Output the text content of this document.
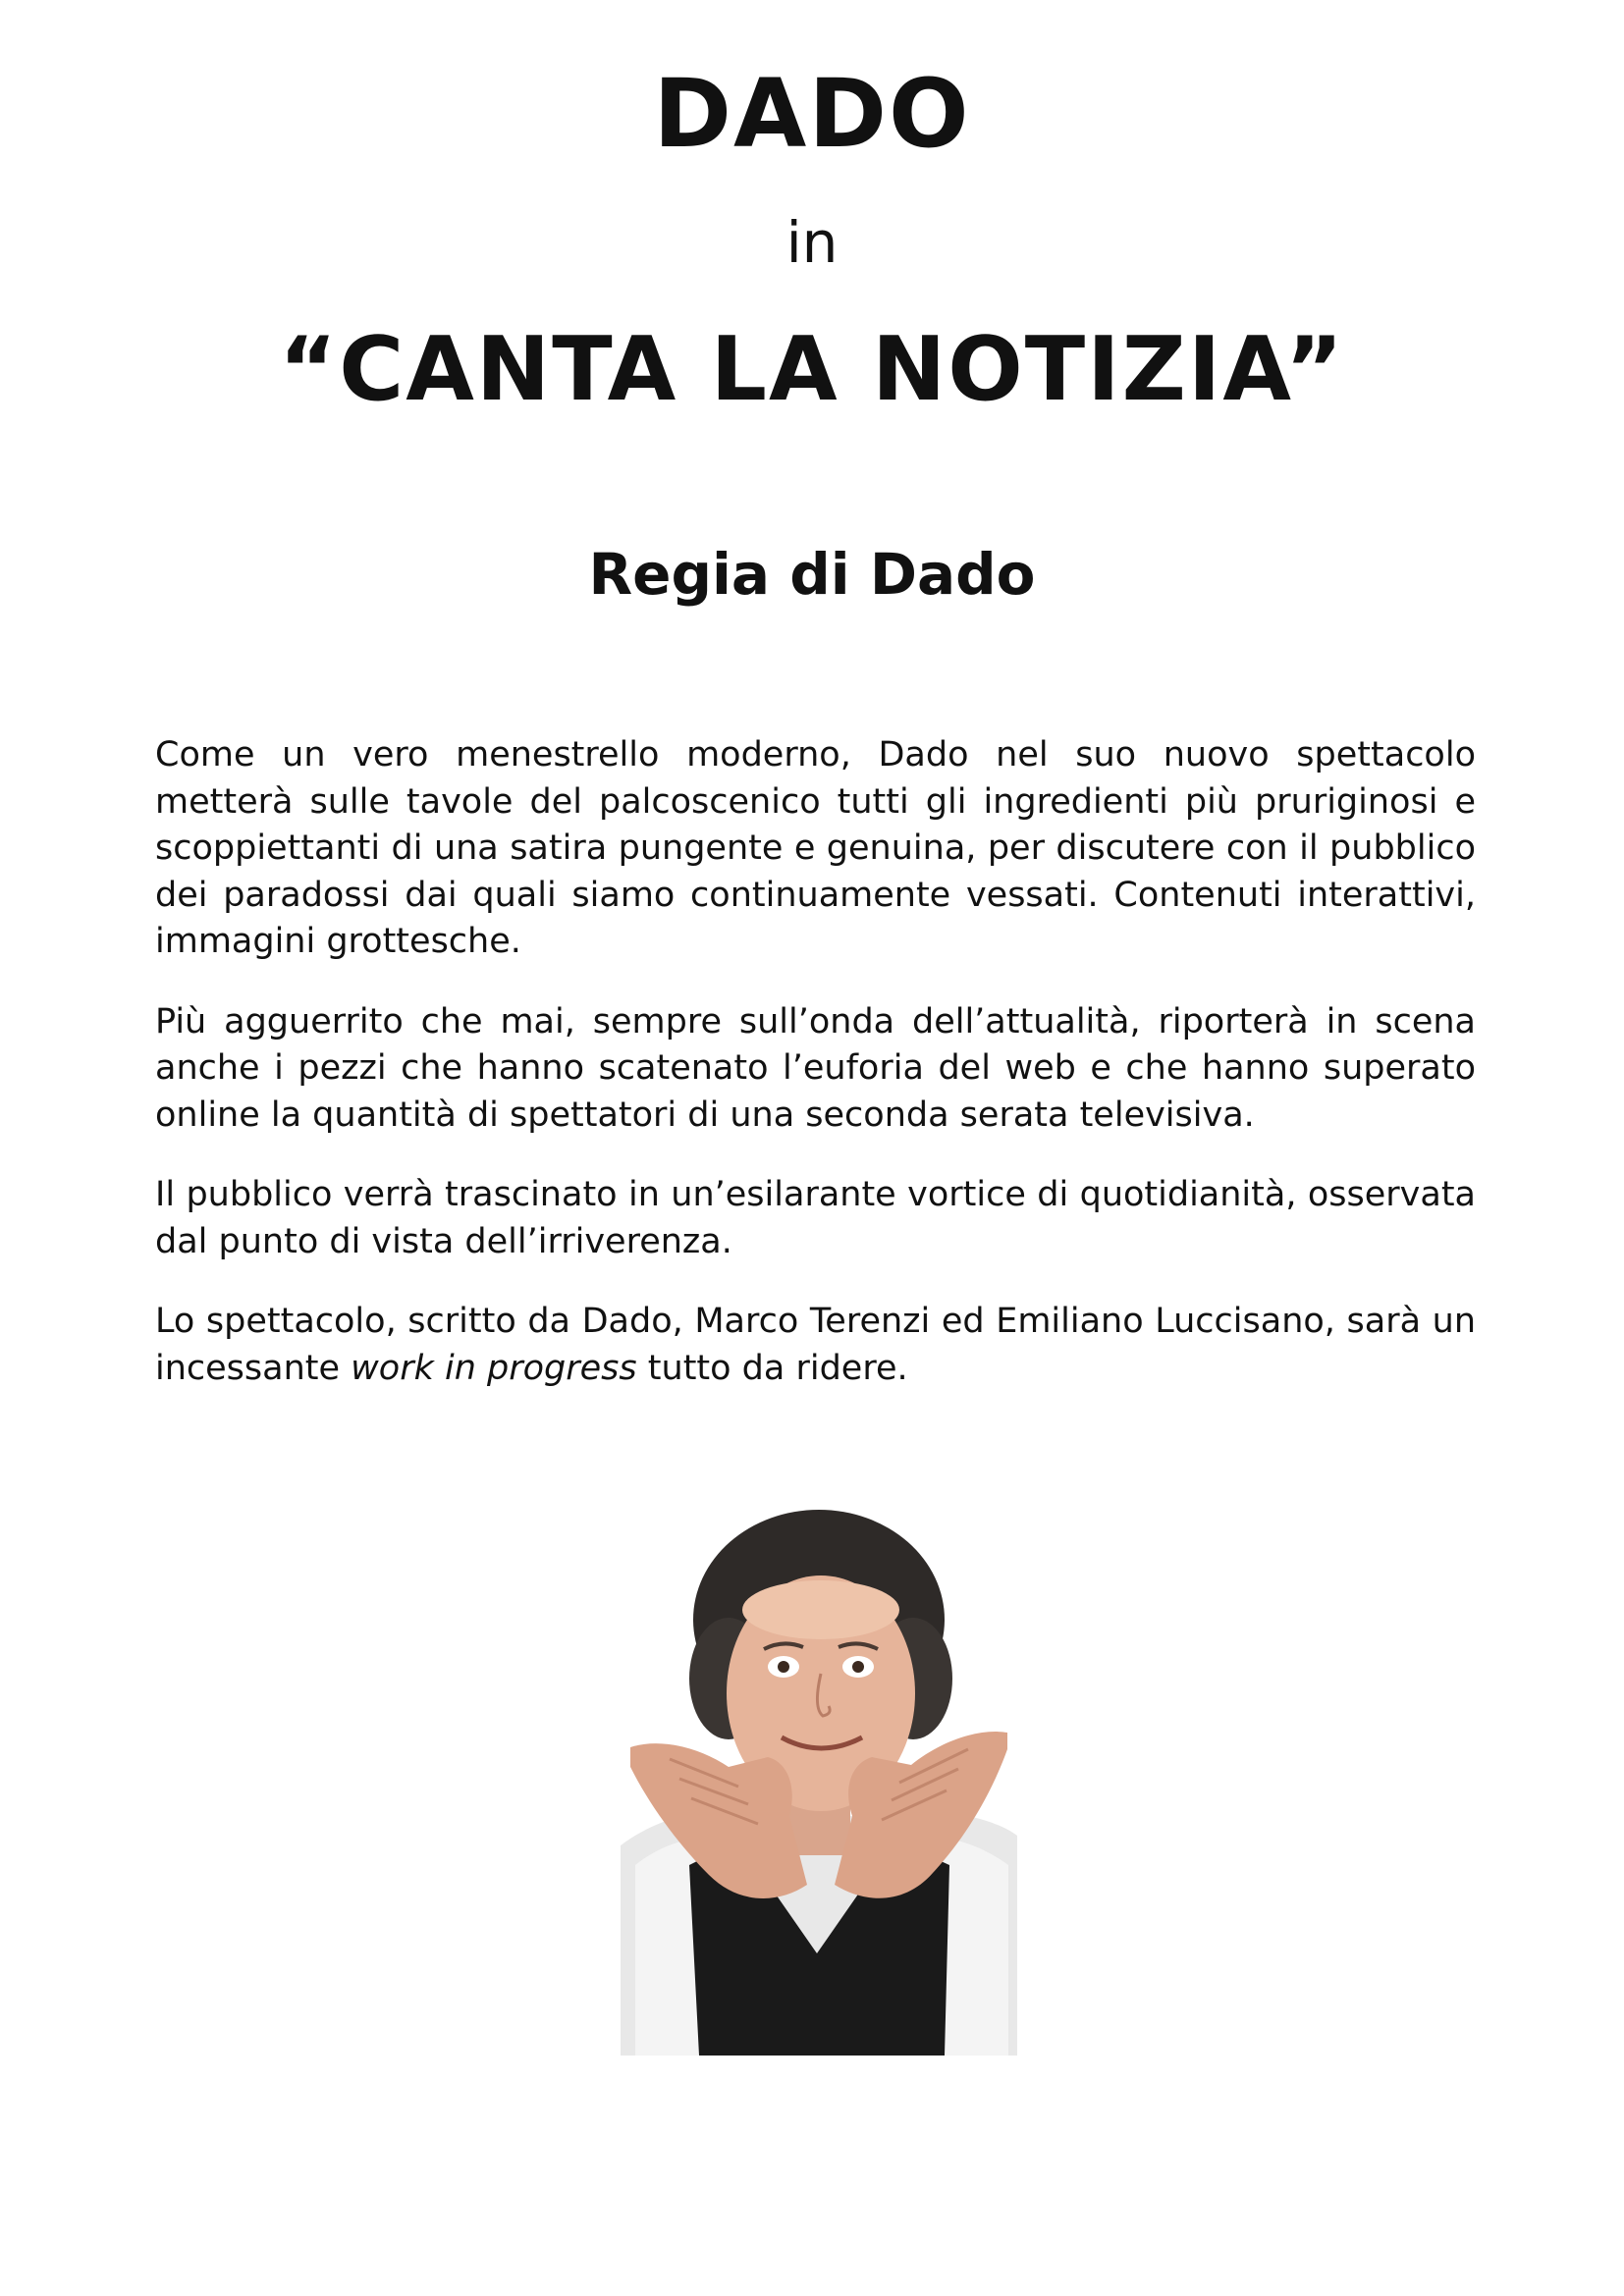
DADO
in
“CANTA LA NOTIZIA”
Regia di Dado

Come un vero menestrello moderno, Dado nel suo nuovo spettacolo metterà sulle tavole del palcoscenico tutti gli ingredienti più pruriginosi e scoppiettanti di una satira pungente e genuina, per discutere con il pubblico dei paradossi dai quali siamo continuamente vessati. Contenuti interattivi, immagini grottesche.

Più agguerrito che mai, sempre sull’onda dell’attualità, riporterà in scena anche i pezzi che hanno scatenato l’euforia del web e che hanno superato online la quantità di spettatori di una seconda serata televisiva.

Il pubblico verrà trascinato in un’esilarante vortice di quotidianità, osservata dal punto di vista dell’irriverenza.

Lo spettacolo, scritto da Dado, Marco Terenzi ed Emiliano Luccisano, sarà un incessante work in progress tutto da ridere.
